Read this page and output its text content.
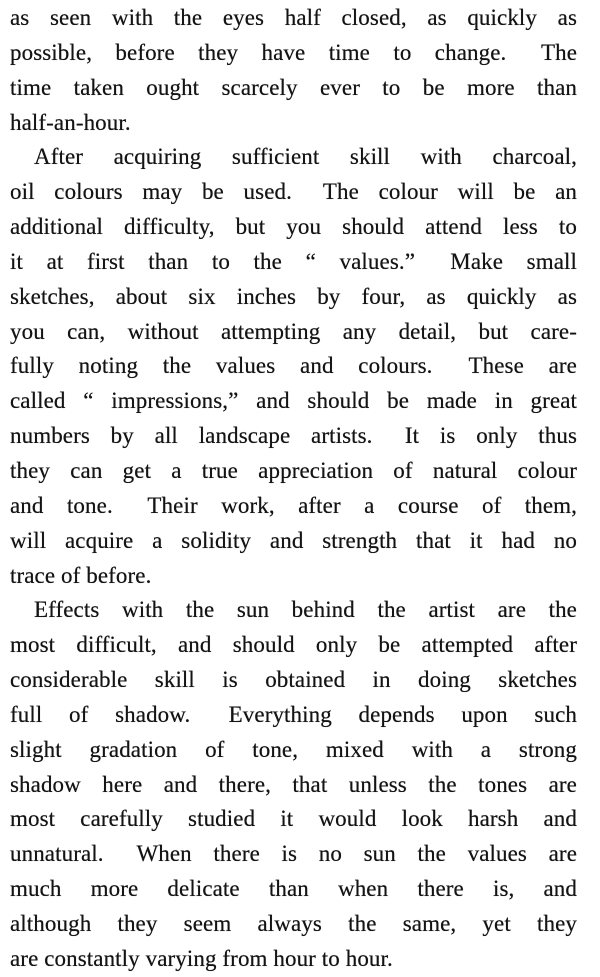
as seen with the eyes half closed, as quickly as
possible, before they have time to change.  The
time taken ought scarcely ever to be more than
half-an-hour.
After acquiring sufficient skill with charcoal,
oil colours may be used.  The colour will be an
additional difficulty, but you should attend less to
it at first than to the “ values.”  Make small
sketches, about six inches by four, as quickly as
you can, without attempting any detail, but care-
fully noting the values and colours.  These are
called “ impressions,” and should be made in great
numbers by all landscape artists.  It is only thus
they can get a true appreciation of natural colour
and tone.  Their work, after a course of them,
will acquire a solidity and strength that it had no
trace of before.
Effects with the sun behind the artist are the
most difficult, and should only be attempted after
considerable skill is obtained in doing sketches
full of shadow.  Everything depends upon such
slight gradation of tone, mixed with a strong
shadow here and there, that unless the tones are
most carefully studied it would look harsh and
unnatural.  When there is no sun the values are
much more delicate than when there is, and
although they seem always the same, yet they
are constantly varying from hour to hour.
